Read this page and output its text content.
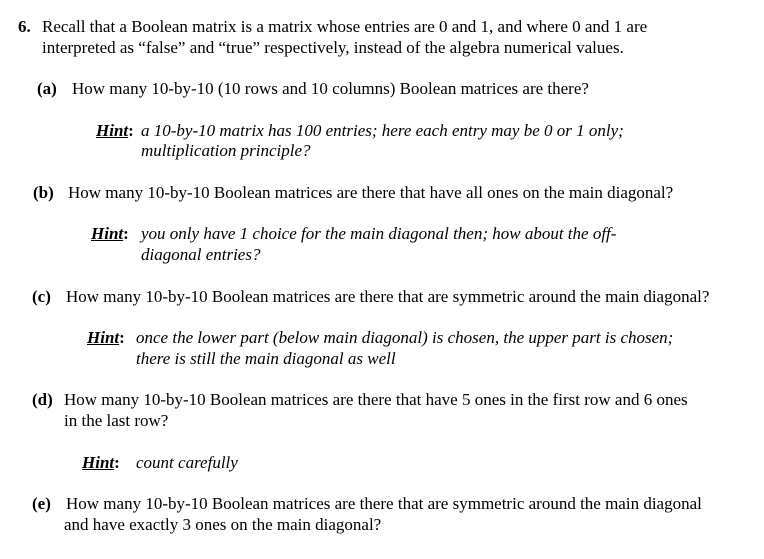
6. Recall that a Boolean matrix is a matrix whose entries are 0 and 1, and where 0 and 1 are
interpreted as “false” and “true” respectively, instead of the algebra numerical values.
(a) How many 10-by-10 (10 rows and 10 columns) Boolean matrices are there?
Hint: a 10-by-10 matrix has 100 entries; here each entry may be 0 or 1 only;
multiplication principle?
(b) How many 10-by-10 Boolean matrices are there that have all ones on the main diagonal?
Hint: you only have 1 choice for the main diagonal then; how about the off-
diagonal entries?
(c) How many 10-by-10 Boolean matrices are there that are symmetric around the main diagonal?
Hint: once the lower part (below main diagonal) is chosen, the upper part is chosen;
there is still the main diagonal as well
(d) How many 10-by-10 Boolean matrices are there that have 5 ones in the first row and 6 ones
in the last row?
Hint: count carefully
(e) How many 10-by-10 Boolean matrices are there that are symmetric around the main diagonal
and have exactly 3 ones on the main diagonal?
